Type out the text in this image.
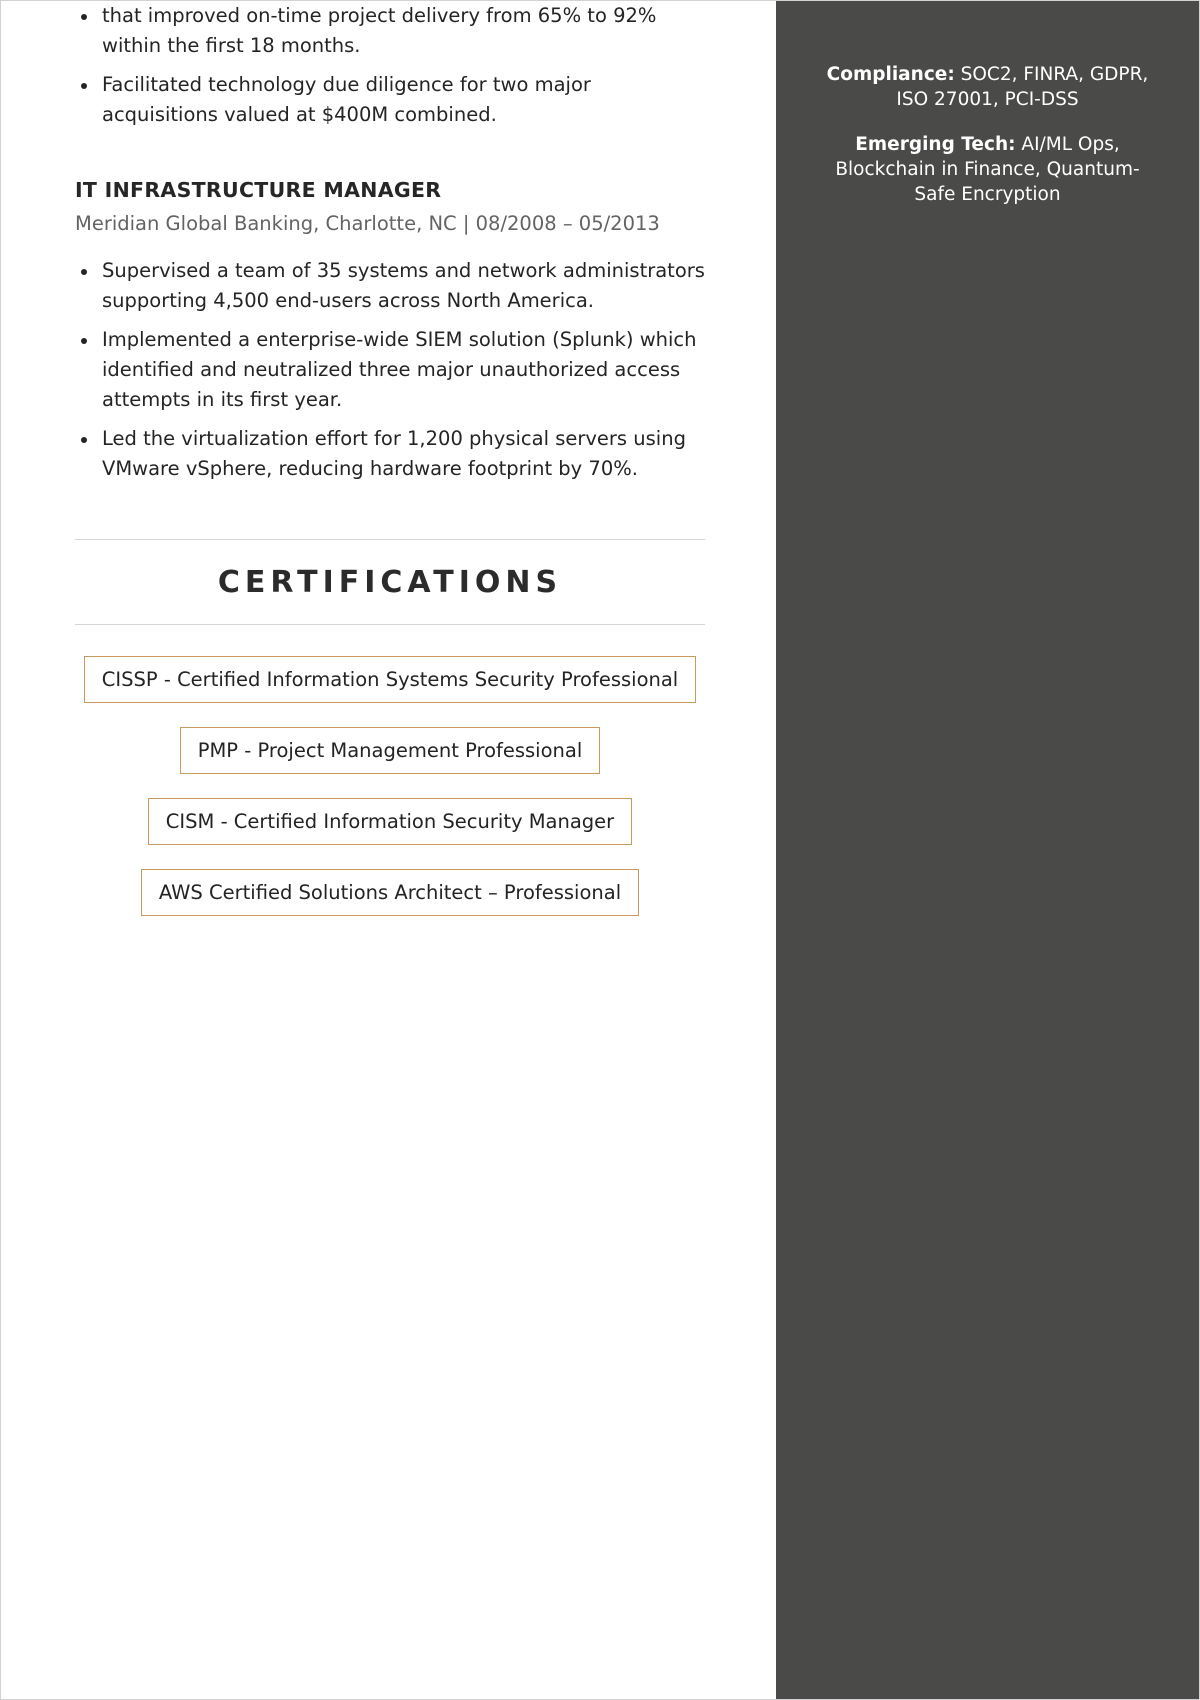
that improved on-time project delivery from 65% to 92% within the first 18 months.
Facilitated technology due diligence for two major acquisitions valued at $400M combined.
IT INFRASTRUCTURE MANAGER
Meridian Global Banking, Charlotte, NC | 08/2008 – 05/2013
Supervised a team of 35 systems and network administrators supporting 4,500 end-users across North America.
Implemented a enterprise-wide SIEM solution (Splunk) which identified and neutralized three major unauthorized access attempts in its first year.
Led the virtualization effort for 1,200 physical servers using VMware vSphere, reducing hardware footprint by 70%.
CERTIFICATIONS
CISSP - Certified Information Systems Security Professional
PMP - Project Management Professional
CISM - Certified Information Security Manager
AWS Certified Solutions Architect – Professional
Compliance: SOC2, FINRA, GDPR, ISO 27001, PCI-DSS
Emerging Tech: AI/ML Ops, Blockchain in Finance, Quantum-Safe Encryption
